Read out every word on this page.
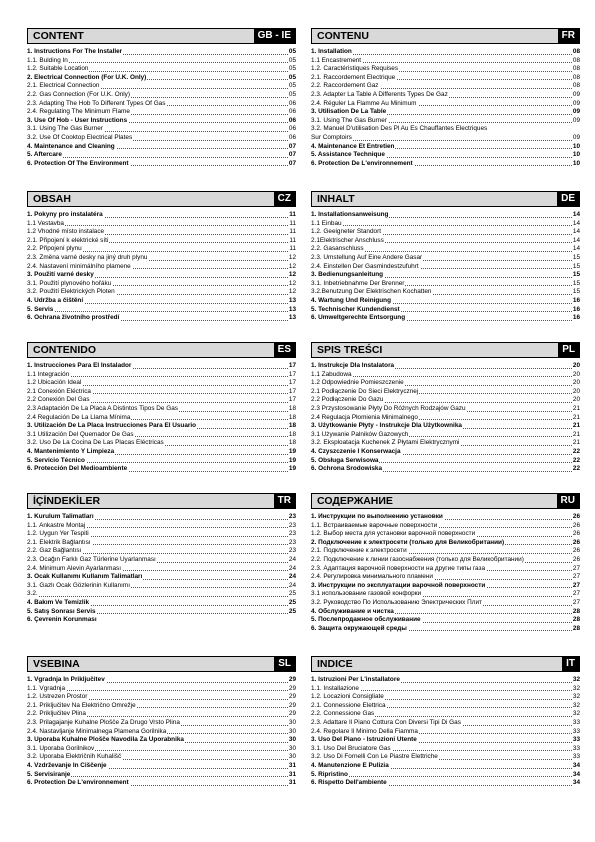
CONTENT	GB - IE
1. Instructions For The Installer	05
1.1. Bulding In	05
1.2. Suitable Location	05
2. Electrical Connection (For U.K. Only)	05
2.1. Electrical Connection	05
2.2. Gas Connection (For U.K. Only)	05
2.3. Adapting The Hob To Different Types Of Gas	06
2.4. Regulating The Minimum Flame	06
3. Use Of Hob - User Instructions	06
3.1. Using The Gas Burner	06
3.2. Use Of Cooktop Electrical Plates	06
4. Maintenance and Cleaning	07
5. Aftercare	07
6. Protection Of The Environment	07
CONTENU	FR
1. Installation	08
1.1 Encastrement	08
1.2. Caractéristiques Requises	08
2.1. Raccordement Electrique	08
2.2. Raccordement Gaz	08
2.3. Adapter La Table A Differents Types De Gaz	09
2.4. Réguler La Flamme Au Minimum	09
3. Utilisation De La Table	09
3.1. Using The Gas Burner	09
3.2. Manuel D'utilisation Des Pl Au Es Chauffantes Electriques
Sur Comptoirs	09
4. Maintenance Et Entretien	10
5. Assistance Technique	10
6. Protection De L'environnement	10
OBSAH	CZ
1. Pokyny pro instalatéra	11
1.1 Vestavba	11
1.2 Vhodné místo instalace	11
2.1. Připojení k elektrické síti	11
2.2. Připojení plynu	11
2.3. Změna varné desky na jiný druh plynu	12
2.4. Nastavení minimálního plamene	12
3. Použití varné desky	12
3.1. Použití plynového hořáku	12
3.2. Použití Elektrických Ploten	12
4. Údržba a čištění	13
5. Servis	13
6. Ochrana životního prostředí	13
INHALT	DE
1. Installationsanweisung	14
1.1 Einbau	14
1.2. Geeigneter Standort	14
2.1Elektrischer Anschluss	14
2.2. Gasanschluss	14
2.3. Umstellung Auf Eine Andere Gasar	15
2.4. Einstellen Der Gasmindestzufuhrt	15
3. Bedienungsanleitung	15
3.1. Inbetriebnahme Der Brenner	15
3.2.Benutzung Der Elektrischen Kochatten	15
4. Wartung Und Reinigung	16
5. Technischer Kundendienst	16
6. Umweltgerechte Entsorgung	16
CONTENIDO	ES
1. Instrucciones Para El Instalador	17
1.1 Integración	17
1.2 Ubicación Ideal	17
2.1 Conexión Eléctrica	17
2.2 Conexión Del Gas	17
2.3 Adaptación De La Placa A Distintos Tipos De Gas	18
2.4 Regulación De La Llama Mínima	18
3. Utilización De La Placa Instrucciones Para El Usuario	18
3.1 Utilización Del Quemador De Gas	18
3.2. Uso De La Cocina De Las Placas Eléctricas	18
4. Mantenimiento Y Limpieza	19
5. Servicio Técnico	19
6. Protección Del Medioambiente	19
SPIS TREŚCI	PL
1. Instrukcje Dla Instalatora	20
1.1 Zabudowa	20
1.2 Odpowiednie Pomieszczenie	20
2.1 Podłączenie Do Sieci Elektrycznej	20
2.2 Podłączenie Do Gazu	20
2.3 Przystosowanie Płyty Do Różnych Rodzajów Gazu	21
2.4 Regulacja Płomienia Minimalnego	21
3. Użytkowanie Płyty - Instrukcje Dla Użytkownika	21
3.1 Używanie Palników Gazowych	21
3.2. Eksploatacja Kuchenek Z Płytami Elektrycznymi	21
4. Czyszczenie I Konserwacja	22
5. Obsługa Serwisowa	22
6. Ochrona Środowiska	22
İÇİNDEKİLER	TR
1. Kurulum Talimatları	23
1.1. Ankastre Montaj	23
1.2. Uygun Yer Tespiti	23
2.1. Elektrik Bağlantısı	23
2.2. Gaz Bağlantısı	23
2.3. Ocağın Farklı Gaz Türlerine Uyarlanması	24
2.4. Minimum Alevin Ayarlanması	24
3. Ocak Kullanımı Kullanım Talimatları	24
3.1. Gazlı Ocak Gözlerinin Kullanımı	24
3.2.	25
4. Bakım Ve Temizlik	25
5. Satış Sonrası Servis	25
6. Çevrenin Korunması
СОДЕРЖАНИЕ	RU
1. Инструкции по выполнению установки	26
1.1. Встраиваемые варочные поверхности	26
1.2. Выбор места для установки варочной поверхности	26
2. Подключение к электросети (только для Великобритании)	26
2.1. Подключение к электросети	26
2.2. Подключение к линии газоснабжения (только для Великобритании)	26
2.3. Адаптация варочной поверхности на другие типы газа	27
2.4. Регулировка минимального пламени	27
3. Инструкции по эксплуатации варочной поверхности	27
3.1 использование газовой конфорки	27
3.2. Руководство По Использованию Электрических Плит	27
4. Обслуживание и чистка	28
5. Послепродажное обслуживание	28
6. Защита окружающей среды	28
VSEBINA	SL
1. Vgradnja In Priključitev	29
1.1. Vgradnja	29
1.2. Ustrezen Prostor	29
2.1. Priključitev Na Električno Omrežje	29
2.2. Priključitev Plina	29
2.3. Prilagajanje Kuhalne Plošče Za Drugo Vrsto Plina	30
2.4. Nastavljanje Minimalnega Plamena Gorilnika	30
3. Uporaba Kuhalne Plošče Navodila Za Uporabnika	30
3.1. Uporaba Gorilnikov	30
3.2. Uporaba Električnih Kuhališč	30
4. Vzdrževanje In Čiščenje	31
5. Servisiranje	31
6. Protection De L'environnement	31
INDICE	IT
1. Istruzioni Per L'installatore	32
1.1. Installazione	32
1.2. Locazioni Consigliate	32
2.1. Connessione Elettrica	32
2.2. Connessione Gas	32
2.3. Adattare Il Piano Cottura Con Diversi Tipi Di Gas	33
2.4. Regolare Il Minimo Della Fiamma	33
3. Uso Del Piano - Istruzioni Utente	33
3.1. Uso Del Bruciatore Gas	33
3.2. Uso Di Fornelli Con Le Piastre Elettriche	33
4. Manutenzione E Pulizia	34
5. Ripristino	34
6. Rispetto Dell'ambiente	34
